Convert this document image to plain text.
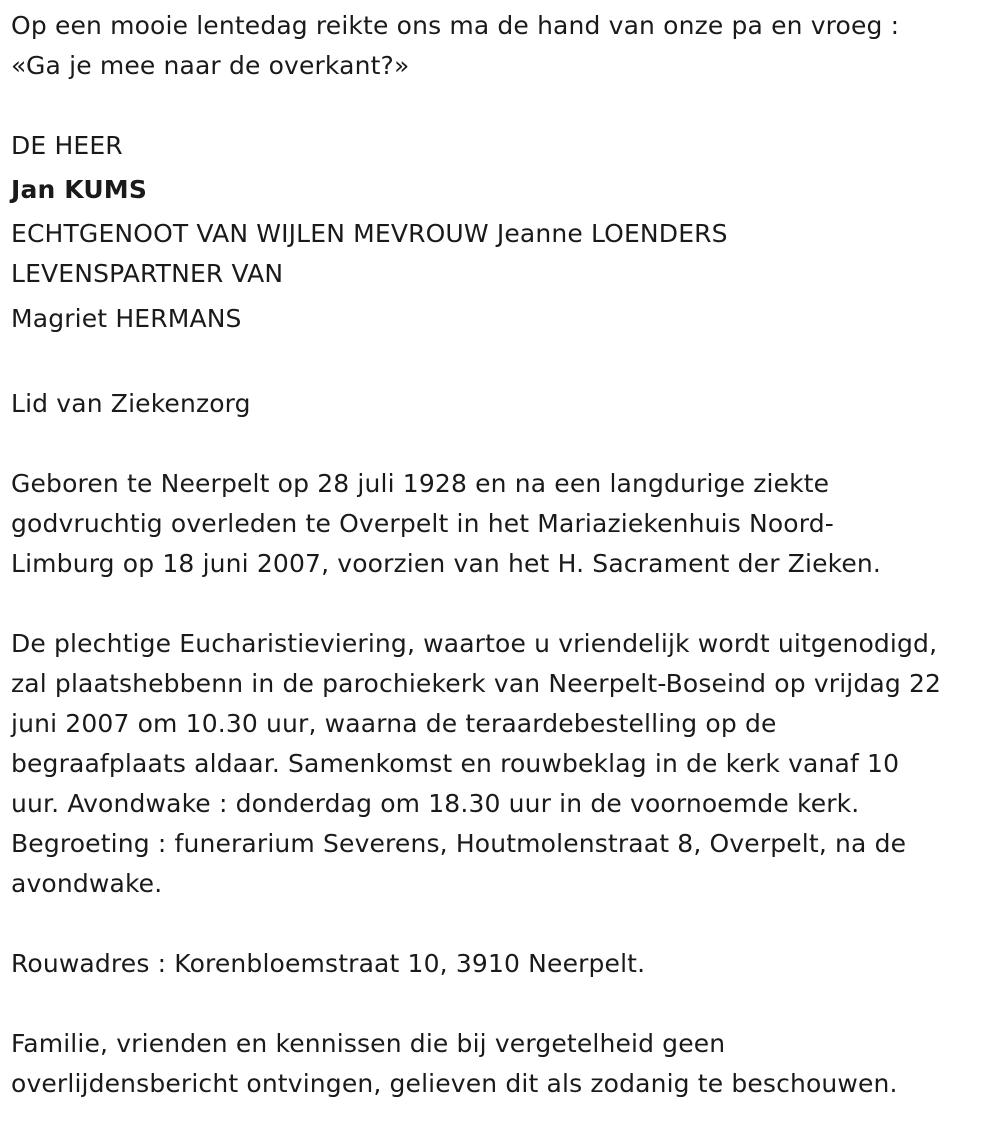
Op een mooie lentedag reikte ons ma de hand van onze pa en vroeg :

«Ga je mee naar de overkant?»

DE HEER

Jan KUMS

ECHTGENOOT VAN WIJLEN MEVROUW Jeanne LOENDERS

LEVENSPARTNER VAN

Magriet HERMANS

Lid van Ziekenzorg

Geboren te Neerpelt op 28 juli 1928 en na een langdurige ziekte

godvruchtig overleden te Overpelt in het Mariaziekenhuis Noord-

Limburg op 18 juni 2007, voorzien van het H. Sacrament der Zieken.

De plechtige Eucharistieviering, waartoe u vriendelijk wordt uitgenodigd,

zal plaatshebbenn in de parochiekerk van Neerpelt-Boseind op vrijdag 22

juni 2007 om 10.30 uur, waarna de teraardebestelling op de

begraafplaats aldaar. Samenkomst en rouwbeklag in de kerk vanaf 10

uur. Avondwake : donderdag om 18.30 uur in de voornoemde kerk.

Begroeting : funerarium Severens, Houtmolenstraat 8, Overpelt, na de

avondwake.

Rouwadres : Korenbloemstraat 10, 3910 Neerpelt.

Familie, vrienden en kennissen die bij vergetelheid geen

overlijdensbericht ontvingen, gelieven dit als zodanig te beschouwen.
